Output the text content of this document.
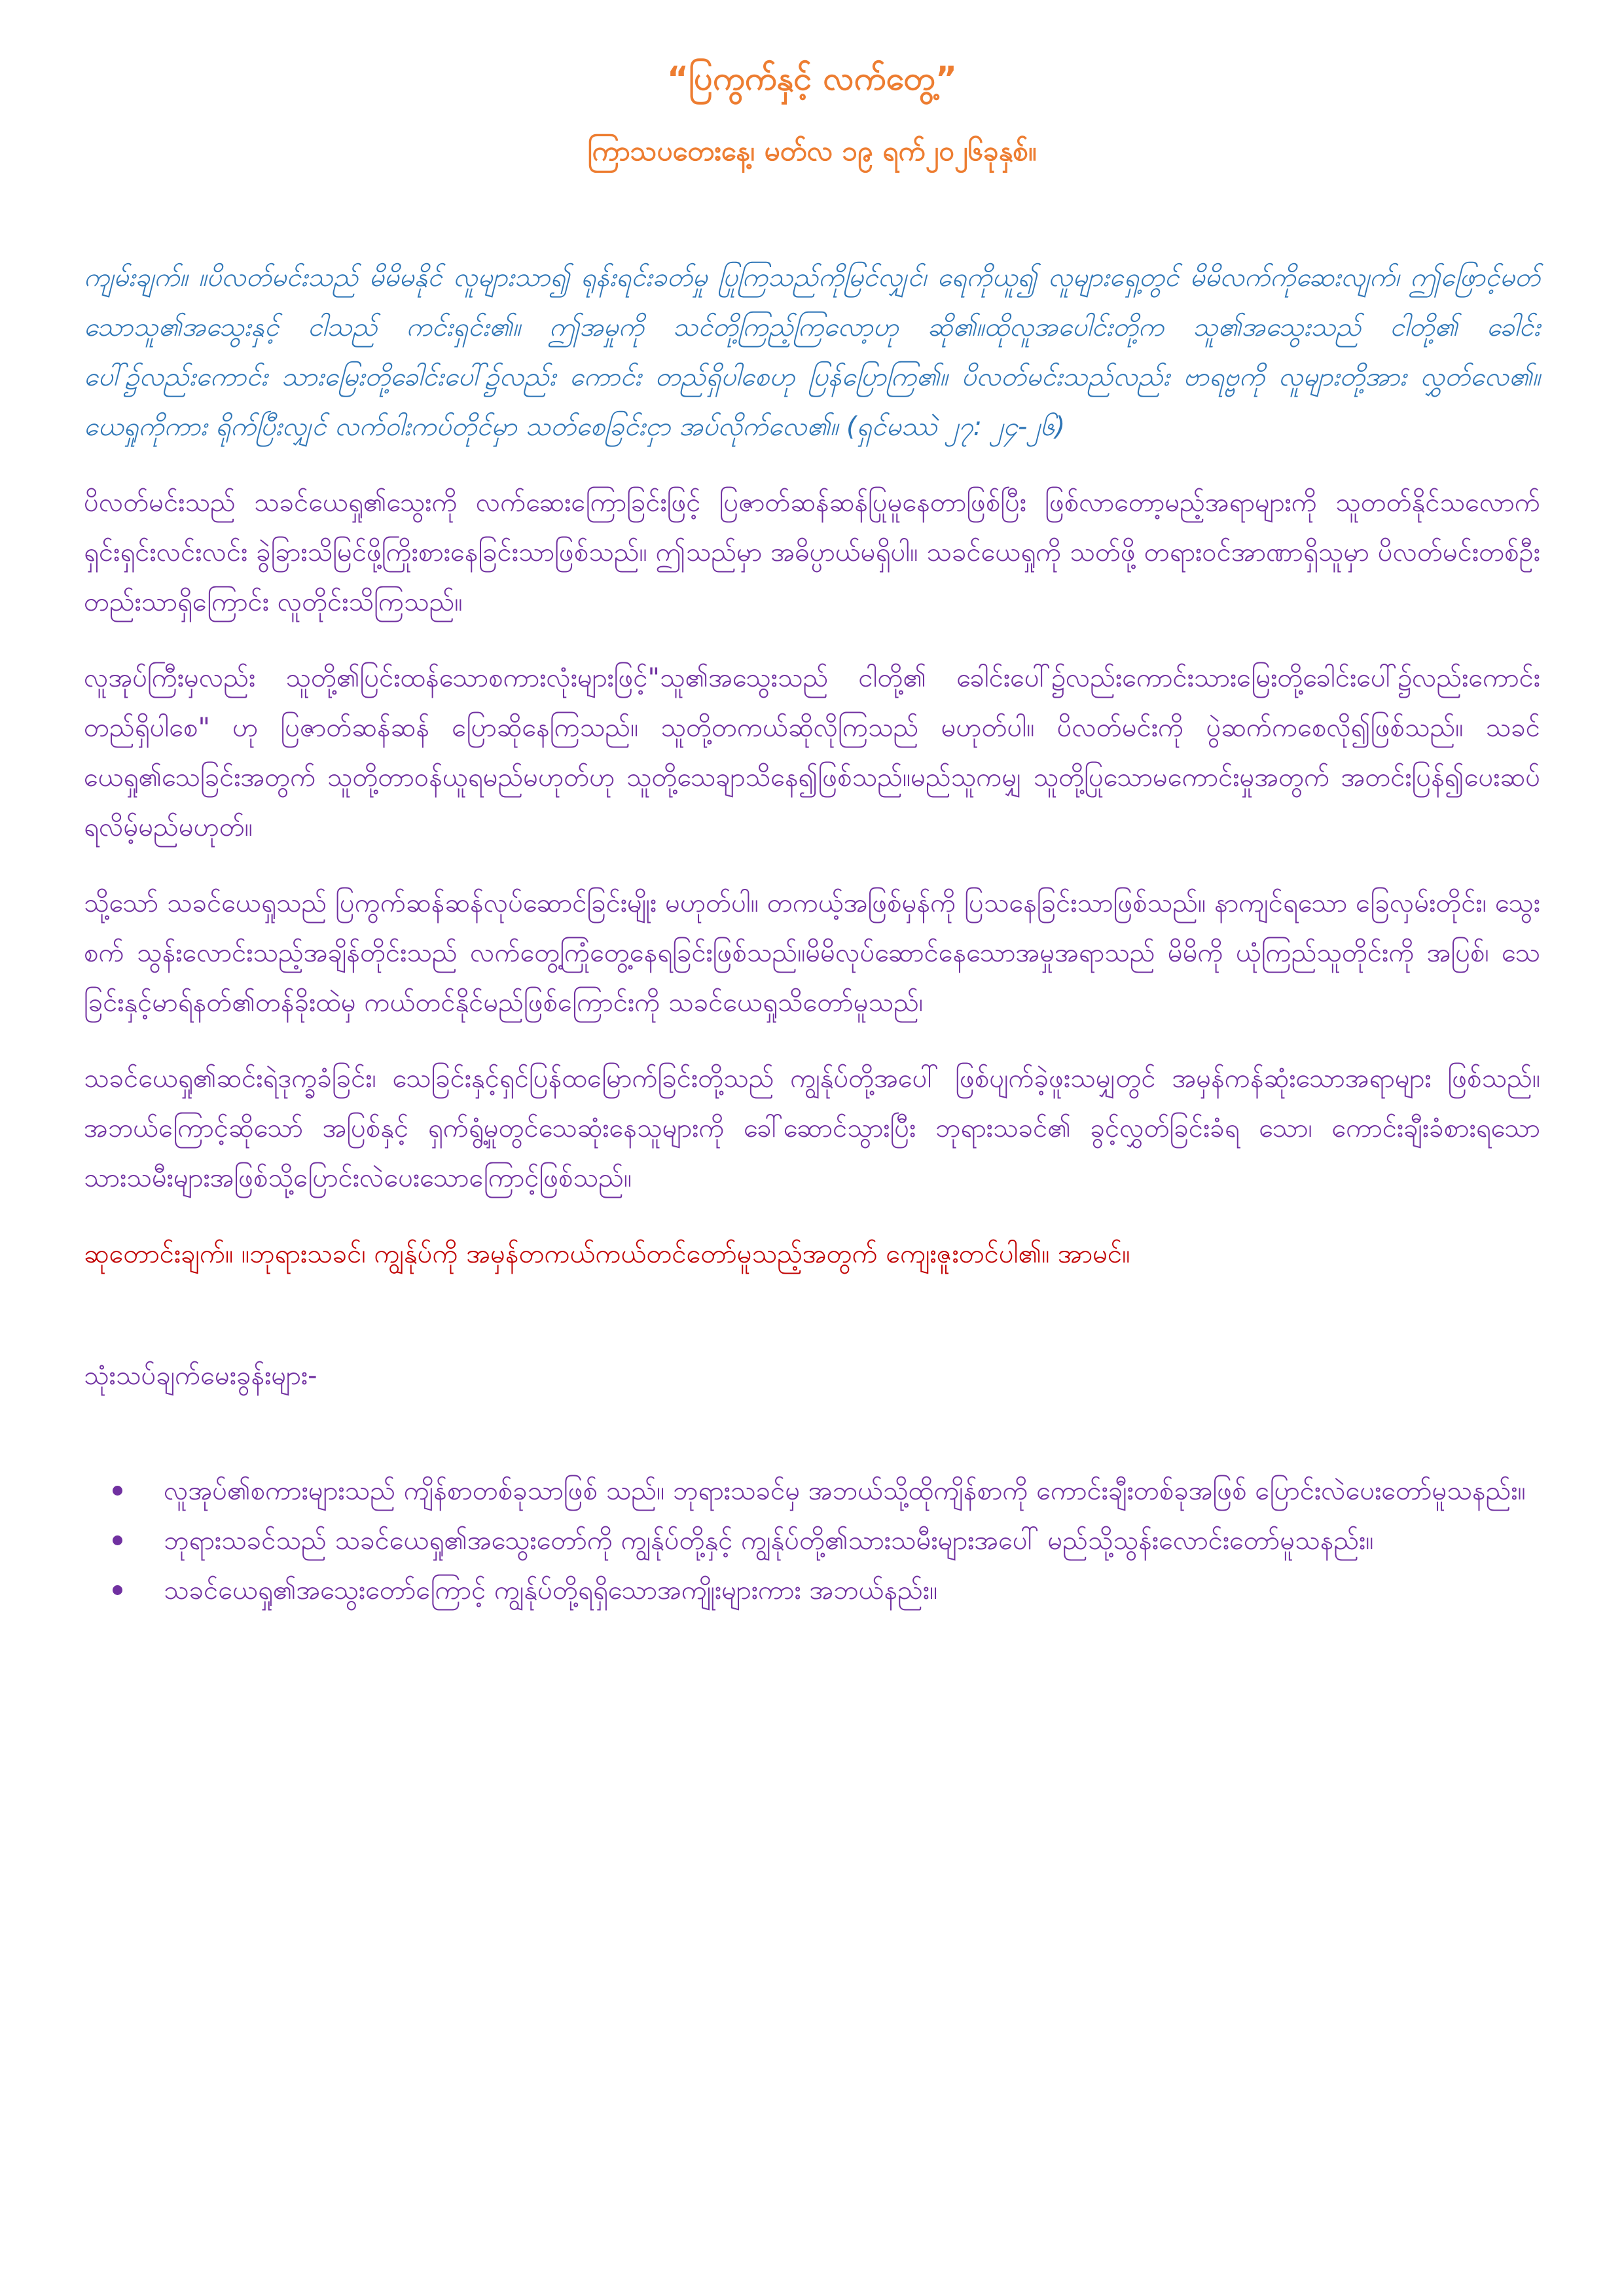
“ပြကွက်နှင့် လက်တွေ့”
ကြာသပတေးနေ့၊ မတ်လ ၁၉ ရက်၂၀၂၆ခုနှစ်။

ကျမ်းချက်။ ။ပိလတ်မင်းသည် မိမိမနိုင် လူများသာ၍ ရုန်းရင်းခတ်မှု ပြုကြသည်ကိုမြင်လျှင်၊ ရေကိုယူ၍ လူများရှေ့တွင် မိမိလက်ကိုဆေးလျက်၊ ဤဖြောင့်မတ်သောသူ၏အသွေးနှင့် ငါသည် ကင်းရှင်း၏။ ဤအမှုကို သင်တို့ကြည့်ကြလော့ဟု ဆို၏။ထိုလူအပေါင်းတို့က သူ၏အသွေးသည် ငါတို့၏ ခေါင်းပေါ်၌လည်းကောင်း သားမြေးတို့ခေါင်းပေါ်၌လည်း ကောင်း တည်ရှိပါစေဟု ပြန်ပြောကြ၏။ ပိလတ်မင်းသည်လည်း ဗာရဗ္ဗကို လူများတို့အား လွှတ်လေ၏။ ယေရှုကိုကား ရိုက်ပြီးလျှင် လက်ဝါးကပ်တိုင်မှာ သတ်စေခြင်းငှာ အပ်လိုက်လေ၏။ (ရှင်မဿဲ ၂၇: ၂၄-၂၆)

ပိလတ်မင်းသည် သခင်ယေရှု၏သွေးကို လက်ဆေးကြောခြင်းဖြင့် ပြဇာတ်ဆန်ဆန်ပြုမူနေတာဖြစ်ပြီး ဖြစ်လာတော့မည့်အရာများကို သူတတ်နိုင်သလောက် ရှင်းရှင်းလင်းလင်း ခွဲခြားသိမြင်ဖို့ကြိုးစားနေခြင်းသာဖြစ်သည်။ ဤသည်မှာ အဓိပ္ပာယ်မရှိပါ။ သခင်ယေရှုကို သတ်ဖို့ တရားဝင်အာဏာရှိသူမှာ ပိလတ်မင်းတစ်ဦးတည်းသာရှိကြောင်း လူတိုင်းသိကြသည်။

လူအုပ်ကြီးမှလည်း သူတို့၏ပြင်းထန်သောစကားလုံးများဖြင့်"သူ၏အသွေးသည် ငါတို့၏ ခေါင်းပေါ်၌လည်းကောင်းသားမြေးတို့ခေါင်းပေါ်၌လည်းကောင်းတည်ရှိပါစေ" ဟု ပြဇာတ်ဆန်ဆန် ပြောဆိုနေကြသည်။ သူတို့တကယ်ဆိုလိုကြသည် မဟုတ်ပါ။ ပိလတ်မင်းကို ပွဲဆက်ကစေလို၍ဖြစ်သည်။ သခင်ယေရှု၏သေခြင်းအတွက် သူတို့တာဝန်ယူရမည်မဟုတ်ဟု သူတို့သေချာသိနေ၍ဖြစ်သည်။မည်သူကမျှ သူတို့ပြုသောမကောင်းမှုအတွက် အတင်းပြန်၍ပေးဆပ်ရလိမ့်မည်မဟုတ်။

သို့သော် သခင်ယေရှုသည် ပြကွက်ဆန်ဆန်လုပ်ဆောင်ခြင်းမျိုး မဟုတ်ပါ။ တကယ့်အဖြစ်မှန်ကို ပြသနေခြင်းသာဖြစ်သည်။ နာကျင်ရသော ခြေလှမ်းတိုင်း၊ သွေးစက် သွန်းလောင်းသည့်အချိန်တိုင်းသည် လက်တွေ့ကြုံတွေ့နေရခြင်းဖြစ်သည်။မိမိလုပ်ဆောင်နေသောအမှုအရာသည် မိမိကို ယုံကြည်သူတိုင်းကို အပြစ်၊ သေခြင်းနှင့်မာရ်နတ်၏တန်ခိုးထဲမှ ကယ်တင်နိုင်မည်ဖြစ်ကြောင်းကို သခင်ယေရှုသိတော်မူသည်၊

သခင်ယေရှု၏ဆင်းရဲဒုက္ခခံခြင်း၊ သေခြင်းနှင့်ရှင်ပြန်ထမြောက်ခြင်းတို့သည် ကျွန်ုပ်တို့အပေါ် ဖြစ်ပျက်ခဲ့ဖူးသမျှတွင် အမှန်ကန်ဆုံးသောအရာများ ဖြစ်သည်။ အဘယ်ကြောင့်ဆိုသော် အပြစ်နှင့် ရှက်ရွံ့မှုတွင်သေဆုံးနေသူများကို ခေါ်ဆောင်သွားပြီး ဘုရားသခင်၏ ခွင့်လွှတ်ခြင်းခံရ သော၊ ကောင်းချီးခံစားရသော သားသမီးများအဖြစ်သို့ပြောင်းလဲပေးသောကြောင့်ဖြစ်သည်။

ဆုတောင်းချက်။ ။ဘုရားသခင်၊ ကျွန်ုပ်ကို အမှန်တကယ်ကယ်တင်တော်မူသည့်အတွက် ကျေးဇူးတင်ပါ၏။ အာမင်။

သုံးသပ်ချက်မေးခွန်းများ-

လူအုပ်၏စကားများသည် ကျိန်စာတစ်ခုသာဖြစ် သည်။ ဘုရားသခင်မှ အဘယ်သို့ထိုကျိန်စာကို ကောင်းချီးတစ်ခုအဖြစ် ပြောင်းလဲပေးတော်မူသနည်း။
ဘုရားသခင်သည် သခင်ယေရှု၏အသွေးတော်ကို ကျွန်ုပ်တို့နှင့် ကျွန်ုပ်တို့၏သားသမီးများအပေါ် မည်သို့သွန်းလောင်းတော်မူသနည်း။
သခင်ယေရှု၏အသွေးတော်ကြောင့် ကျွန်ုပ်တို့ရရှိသောအကျိုးများကား အဘယ်နည်း။
